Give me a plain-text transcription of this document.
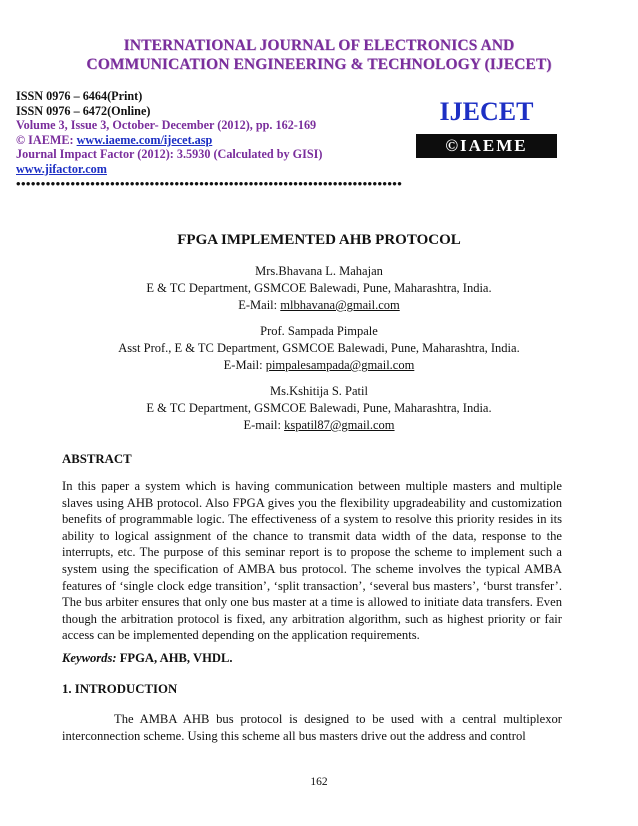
INTERNATIONAL JOURNAL OF ELECTRONICS AND
COMMUNICATION ENGINEERING & TECHNOLOGY (IJECET)
ISSN 0976 – 6464(Print)
ISSN 0976 – 6472(Online)
Volume 3, Issue 3, October- December (2012), pp. 162-169
© IAEME: www.iaeme.com/ijecet.asp
Journal Impact Factor (2012): 3.5930 (Calculated by GISI)
www.jifactor.com
IJECET
©IAEME
••••••••••••••••••••••••••••••••••••••••••••••••••••••••••••••••••••••••••••••
FPGA IMPLEMENTED AHB PROTOCOL
Mrs.Bhavana L. Mahajan
E & TC Department, GSMCOE Balewadi, Pune, Maharashtra, India.
E-Mail: mlbhavana@gmail.com
Prof. Sampada Pimpale
Asst Prof., E & TC Department, GSMCOE Balewadi, Pune, Maharashtra, India.
E-Mail: pimpalesampada@gmail.com
Ms.Kshitija S. Patil
E & TC Department, GSMCOE Balewadi, Pune, Maharashtra, India.
E-mail: kspatil87@gmail.com
ABSTRACT
In this paper a system which is having communication between multiple masters and multiple slaves using AHB protocol. Also FPGA gives you the flexibility upgradeability and customization benefits of programmable logic. The effectiveness of a system to resolve this priority resides in its ability to logical assignment of the chance to transmit data width of the data, response to the interrupts, etc. The purpose of this seminar report is to propose the scheme to implement such a system using the specification of AMBA bus protocol. The scheme involves the typical AMBA features of ‘single clock edge transition’, ‘split transaction’, ‘several bus masters’, ‘burst transfer’. The bus arbiter ensures that only one bus master at a time is allowed to initiate data transfers. Even though the arbitration protocol is fixed, any arbitration algorithm, such as highest priority or fair access can be implemented depending on the application requirements.
Keywords: FPGA, AHB, VHDL.
1. INTRODUCTION
The AMBA AHB bus protocol is designed to be used with a central multiplexor interconnection scheme. Using this scheme all bus masters drive out the address and control
162
